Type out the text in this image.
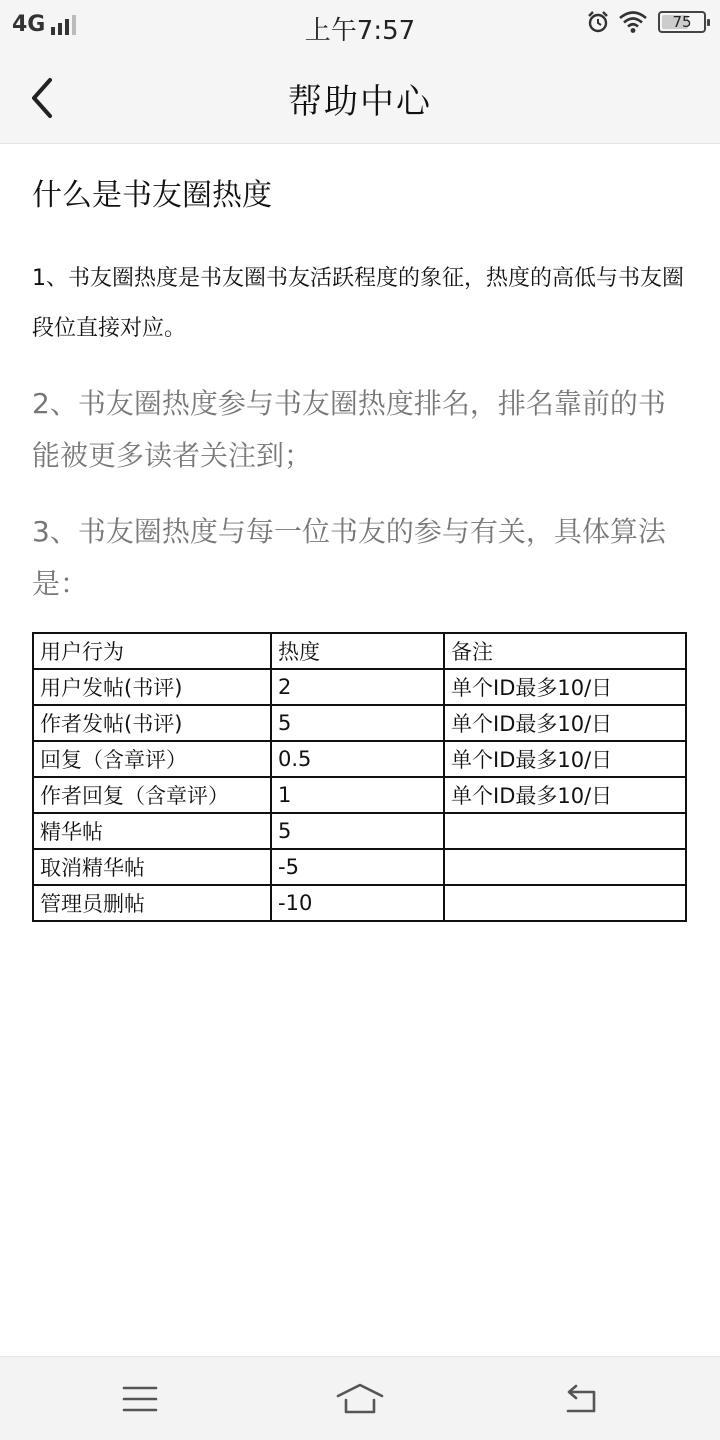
4G	上午7:57	75
帮助中心
什么是书友圈热度
1、书友圈热度是书友圈书友活跃程度的象征，热度的高低与书友圈段位直接对应。
2、书友圈热度参与书友圈热度排名，排名靠前的书能被更多读者关注到；
3、书友圈热度与每一位书友的参与有关，具体算法是：
用户行为	热度	备注
用户发帖(书评)	2	单个ID最多10/日
作者发帖(书评)	5	单个ID最多10/日
回复（含章评）	0.5	单个ID最多10/日
作者回复（含章评）	1	单个ID最多10/日
精华帖	5	
取消精华帖	-5	
管理员删帖	-10	
